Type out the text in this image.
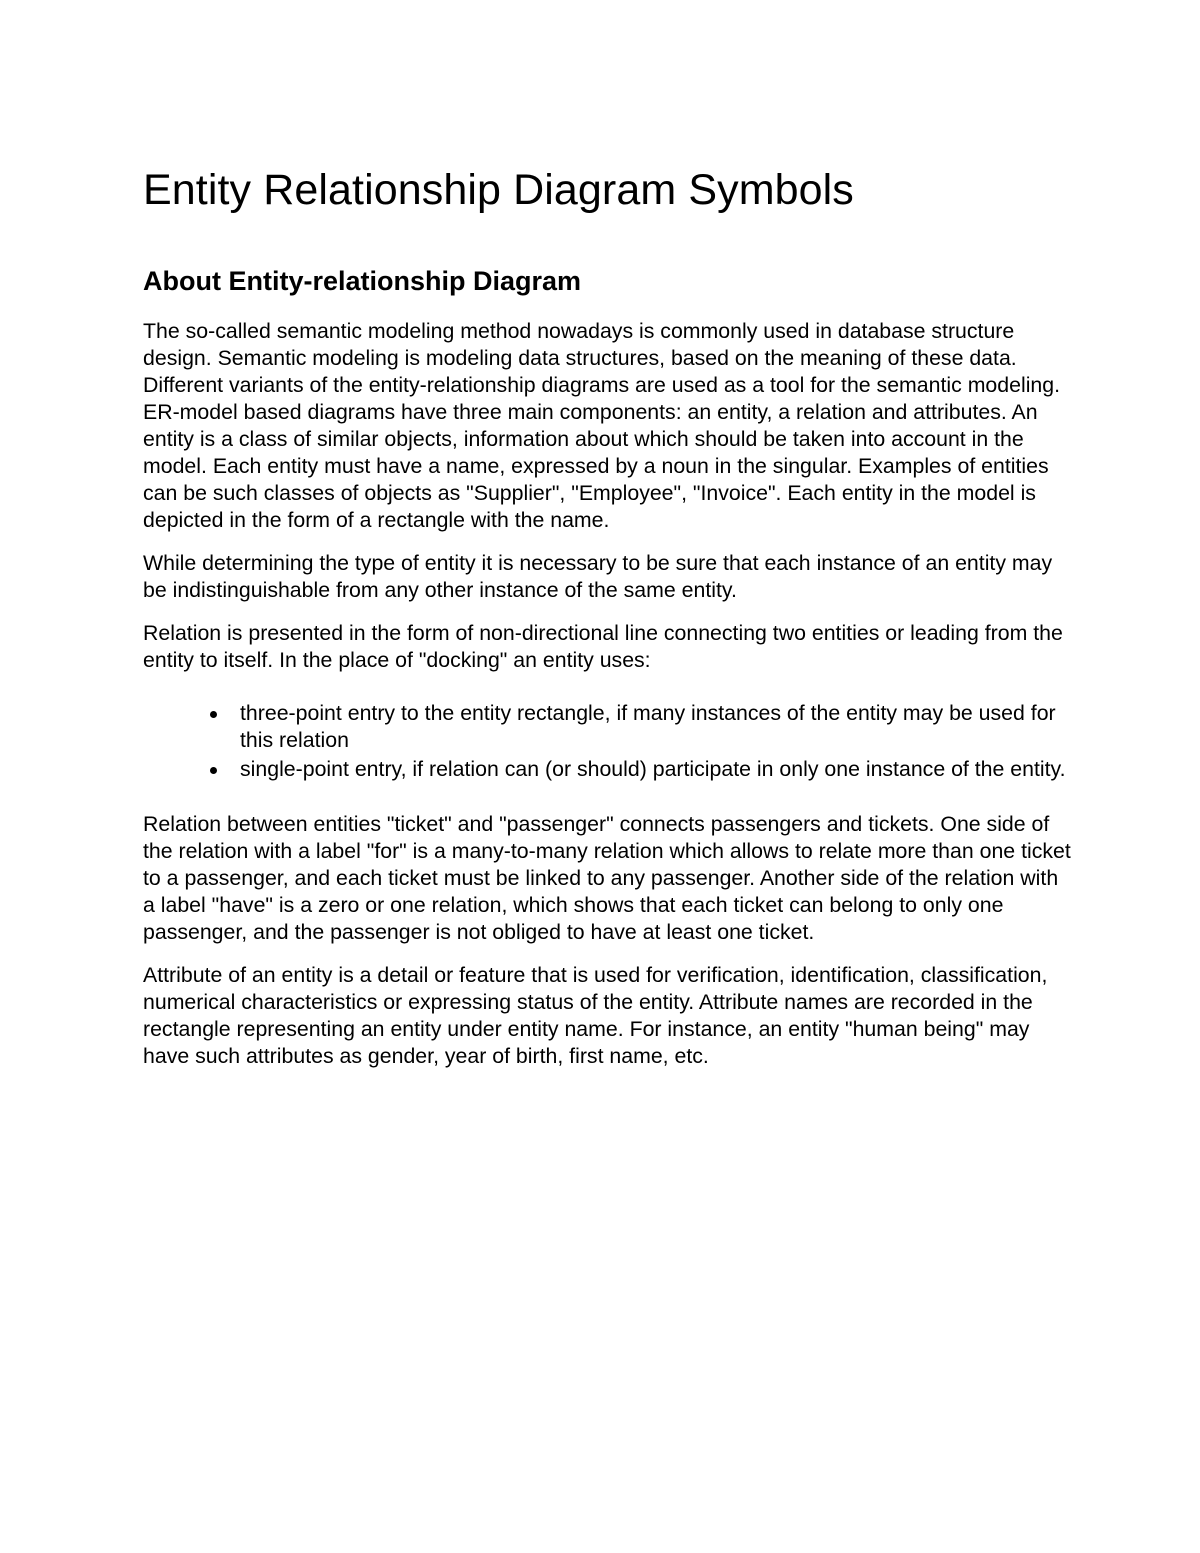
Entity Relationship Diagram Symbols
About Entity-relationship Diagram

The so-called semantic modeling method nowadays is commonly used in database structure design. Semantic modeling is modeling data structures, based on the meaning of these data. Different variants of the entity-relationship diagrams are used as a tool for the semantic modeling. ER-model based diagrams have three main components: an entity, a relation and attributes. An entity is a class of similar objects, information about which should be taken into account in the model. Each entity must have a name, expressed by a noun in the singular. Examples of entities can be such classes of objects as "Supplier", "Employee", "Invoice". Each entity in the model is depicted in the form of a rectangle with the name.

While determining the type of entity it is necessary to be sure that each instance of an entity may be indistinguishable from any other instance of the same entity.

Relation is presented in the form of non-directional line connecting two entities or leading from the entity to itself. In the place of "docking" an entity uses:

three-point entry to the entity rectangle, if many instances of the entity may be used for this relation
single-point entry, if relation can (or should) participate in only one instance of the entity.

Relation between entities "ticket" and "passenger" connects passengers and tickets. One side of the relation with a label "for" is a many-to-many relation which allows to relate more than one ticket to a passenger, and each ticket must be linked to any passenger. Another side of the relation with a label "have" is a zero or one relation, which shows that each ticket can belong to only one passenger, and the passenger is not obliged to have at least one ticket.

Attribute of an entity is a detail or feature that is used for verification, identification, classification, numerical characteristics or expressing status of the entity. Attribute names are recorded in the rectangle representing an entity under entity name. For instance, an entity "human being" may have such attributes as gender, year of birth, first name, etc.
